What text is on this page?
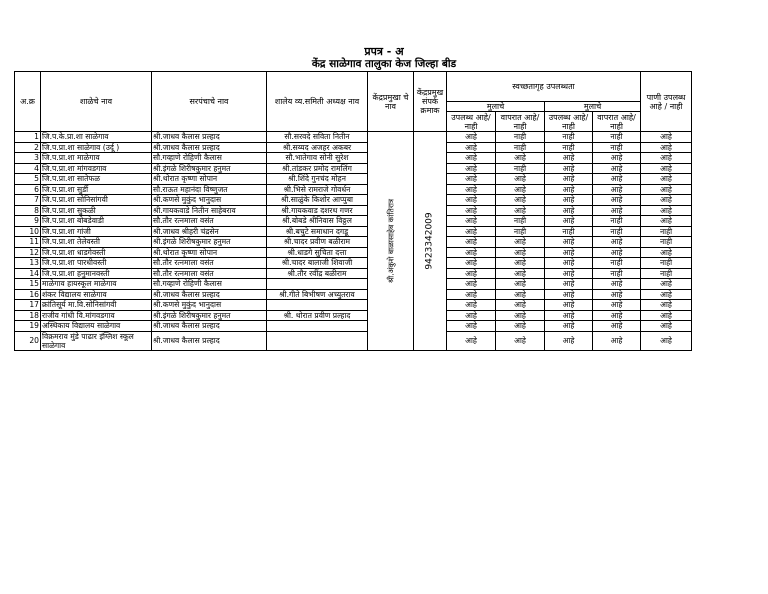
प्रपत्र - अ
केंद्र साळेगाव तालुका केज जिल्हा बीड
अ.क्र	शाळेचे नाव	सरपंचाचे नाव	शालेय व्य.समिती अध्यक्ष नाव	केंद्रप्रमुखा चे नाव	केंद्रप्रमुख संपर्क क्रमाक	स्वच्छतागृह उपलब्धता				पाणी उपलब्ध आहे / नाही
						मुलाचे		मुलाचे		
						उपलब्ध आहे/ नाही	वापरात आहे/ नाही	उपलब्ध आहे/ नाही	वापरात आहे/ नाही	
1	जि.प.के.प्रा.शा साळेगाव	श्री.जाधव कैलास प्रल्हाद	सौ.सरवदे सविता नितीन	श्री.अंकुशे बाळासाहेब कांतिरात्र	9423342009	आहे	नाही	नाही	नाही	आहे
2	जि.प.प्रा.शा साळेगाव (उर्दू )	श्री.जाधव कैलास प्रल्हाद	श्री.सय्यद अजहर अकबर			आहे	नाही	नाही	नाही	आहे
3	जि.प.प्रा.शा माळेगाव	सौ.गव्हाणे रोहिणी कैलास	सौ.भातेगाव सोनी सुरेश			आहे	आहे	आहे	आहे	आहे
4	जि.प.प्रा.शा मांगवडगाव	श्री.इंगळे शिरीषकुमार हनुमत	श्री.तांडकर प्रमोद रामलिंग			आहे	नाही	आहे	आहे	आहे
5	जि.प.प्रा.शा सातेफळ	श्री.थोरात कृष्णा सोपान	श्री.शिंदे गुनचंद मोहन			आहे	आहे	आहे	आहे	आहे
6	जि.प.प्रा.शा सुर्डी	सौ.राऊत महानंदा विष्णुजत	श्री.भिसे रामराजे गोवर्धन			आहे	आहे	आहे	आहे	आहे
7	जि.प.प्रा.शा सोनिसांगवी	श्री.कणसे मुकुंद भानुदास	श्री.साळुंके किशोर आप्पुबा			आहे	आहे	आहे	आहे	आहे
8	जि.प.प्रा.शा सुकळी	श्री.गायकवाडे नितीन साहेबराव	श्री.गायकवाड दशरथ गणर			आहे	आहे	आहे	आहे	आहे
9	जि.प.प्रा.शा बोबडेवाडी	सौ.तौर रत्नमाला वसंत	श्री.बोबडे श्रीनिवास विठ्ठल			आहे	नाही	आहे	नाही	आहे
10	जि.प.प्रा.शा गांजी	श्री.जाधव श्रीहरी चंद्रसेन	श्री.बचुटे समाधान दगडू			आहे	नाही	नाही	नाही	नाही
11	जि.प.प्रा.शा तेलेवस्ती	श्री.इंगळे शिरीषकुमार हनुमत	श्री.चादर प्रवीण बळीराम			आहे	आहे	आहे	आहे	नाही
12	जि.प.प्रा.शा धाडगेवस्ती	श्री.थोरात कृष्णा सोपान	श्री.धाडगे सुचिता दत्ता			आहे	आहे	आहे	आहे	आहे
13	जि.प.प्रा.शा पारधीवस्ती	सौ.तौर रत्नमाला वसंत	श्री.चादर बालाजी शिवाजी			आहे	आहे	आहे	नाही	नाही
14	जि.प.प्रा.शा हनुमानवस्ती	सौ.तौर रत्नमाला वसंत	श्री.तौर रवींद्र बळीराम			आहे	आहे	आहे	नाही	नाही
15	माळेगाव हायस्कूल माळेगाव	सौ.गव्हाणे रोहिणी कैलास				आहे	आहे	आहे	आहे	आहे
16	शंकर विद्यालय साळेगाव	श्री.जाधव कैलास प्रल्हाद	श्री.गीते बिभीषण अच्युतराव			आहे	आहे	आहे	आहे	आहे
17	क्रांतिसूर्य मा.वि.सोनिसांगवी	श्री.कणसे मुकुंद भानुदास				आहे	आहे	आहे	आहे	आहे
18	राजीव गांधी वि.मांगवडगाव	श्री.इंगळे शिरीषकुमार हनुमत	श्री. थोरात प्रवीण प्रल्हाद			आहे	आहे	आहे	आहे	आहे
19	अस्थिकाय विद्यालय साळेगाव	श्री.जाधव कैलास प्रल्हाद				आहे	आहे	आहे	आहे	आहे
20	विक्रमराव मुंडे पाढार इंग्लिश स्कूल साळेगाव	श्री.जाधव कैलास प्रल्हाद				आहे	आहे	आहे	आहे	आहे
